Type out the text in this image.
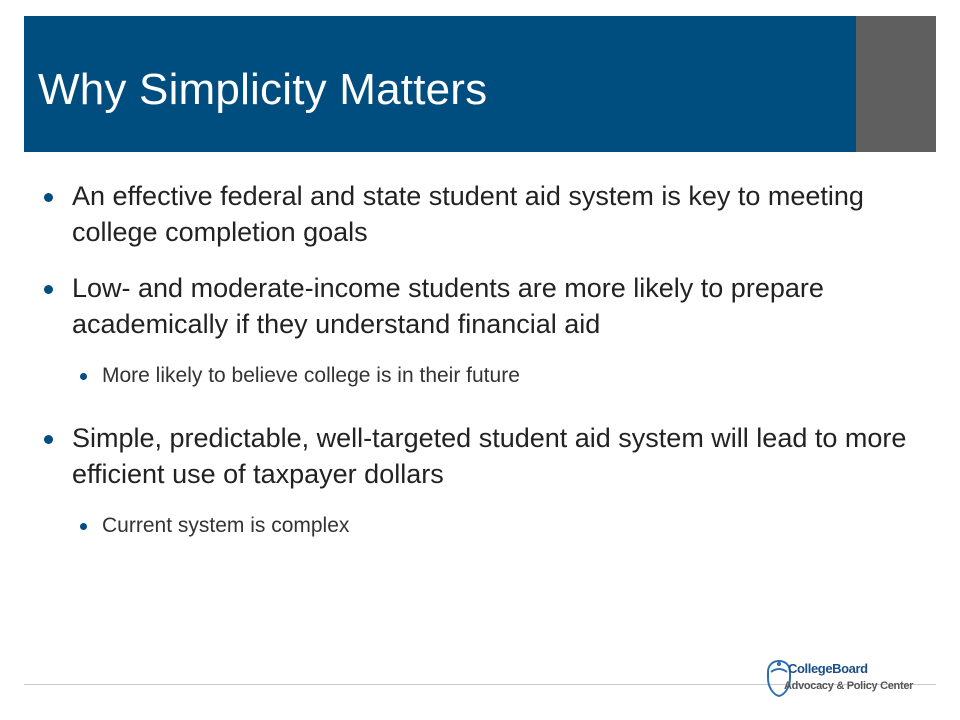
Why Simplicity Matters
An effective federal and state student aid system is key to meeting college completion goals
Low- and moderate-income students are more likely to prepare academically if they understand financial aid
More likely to believe college is in their future
Simple, predictable, well-targeted student aid system will lead to more efficient use of taxpayer dollars
Current system is complex
CollegeBoard
Advocacy & Policy Center
